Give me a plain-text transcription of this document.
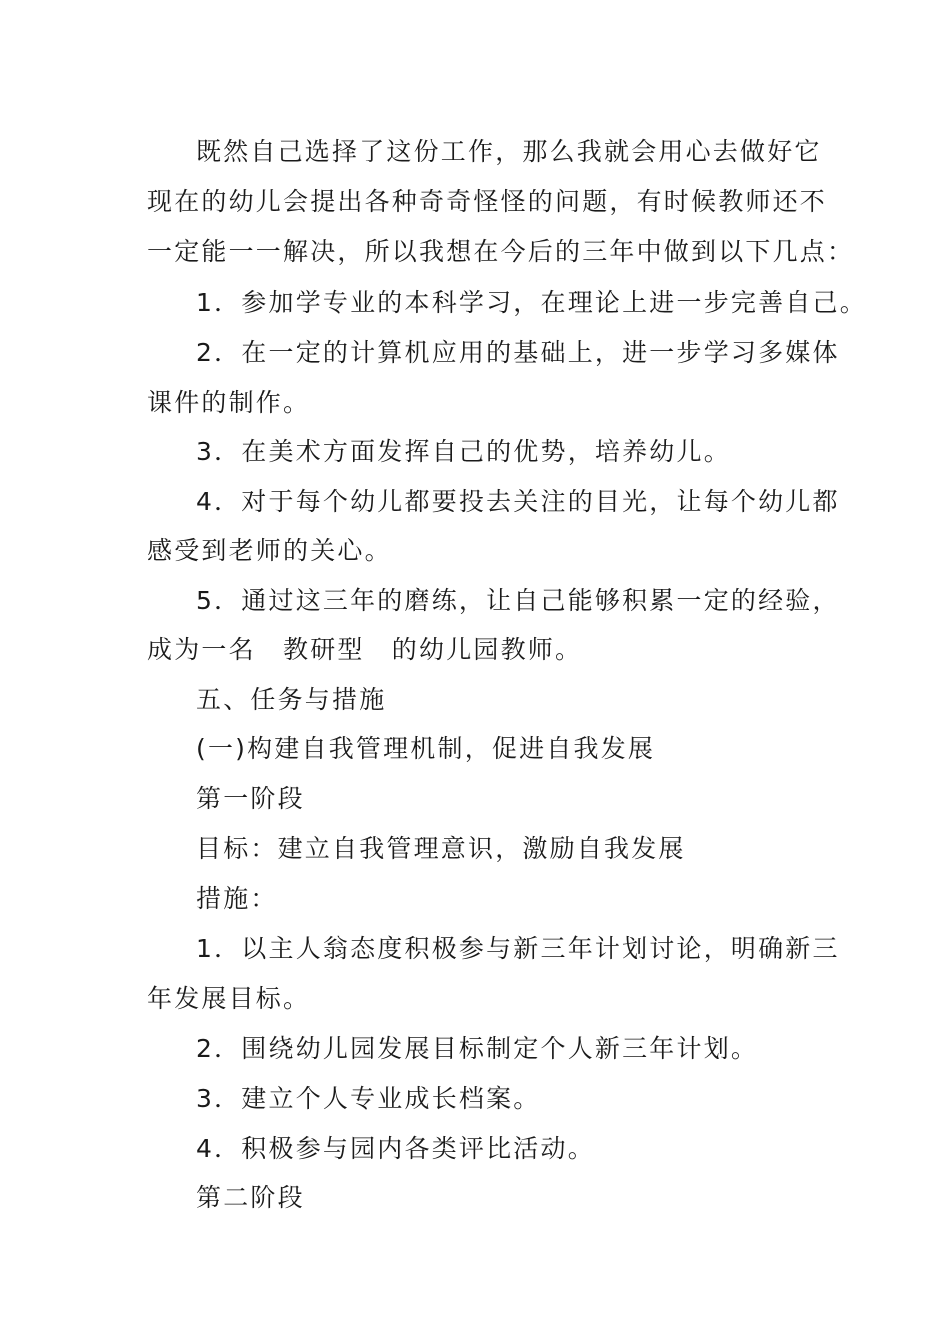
既然自己选择了这份工作，那么我就会用心去做好它
现在的幼儿会提出各种奇奇怪怪的问题，有时候教师还不
一定能一一解决，所以我想在今后的三年中做到以下几点：
1．参加学专业的本科学习，在理论上进一步完善自己。
2．在一定的计算机应用的基础上，进一步学习多媒体
课件的制作。
3．在美术方面发挥自己的优势，培养幼儿。
4．对于每个幼儿都要投去关注的目光，让每个幼儿都
感受到老师的关心。
5．通过这三年的磨练，让自己能够积累一定的经验，
成为一名　教研型　的幼儿园教师。
五、任务与措施
(一)构建自我管理机制，促进自我发展
第一阶段
目标：建立自我管理意识，激励自我发展
措施：
1．以主人翁态度积极参与新三年计划讨论，明确新三
年发展目标。
2．围绕幼儿园发展目标制定个人新三年计划。
3．建立个人专业成长档案。
4．积极参与园内各类评比活动。
第二阶段
